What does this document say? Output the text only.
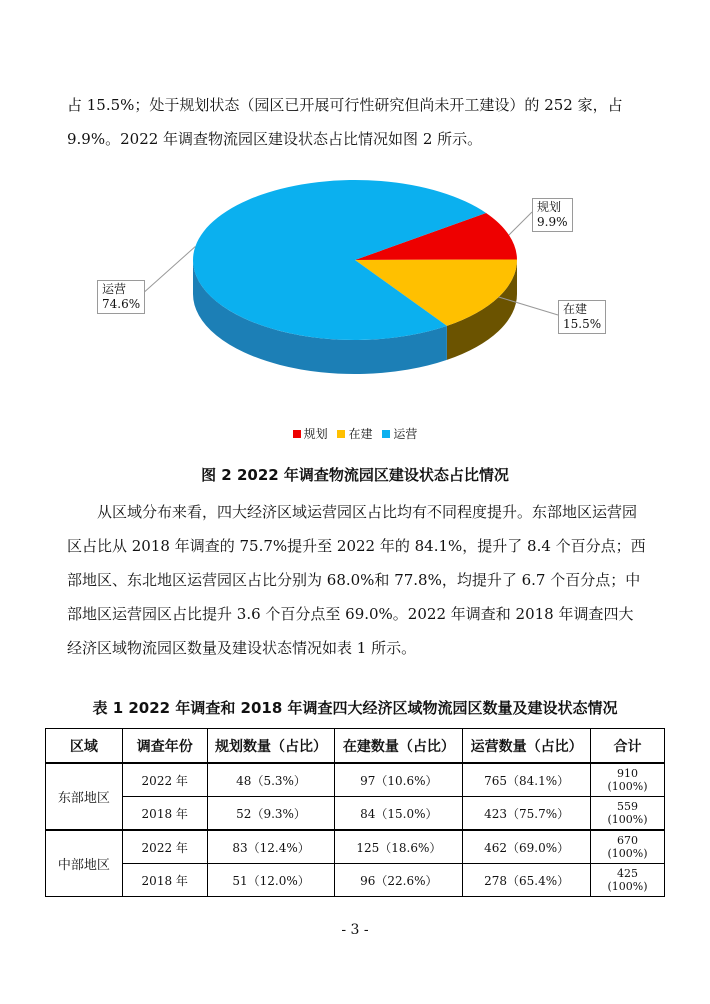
占 15.5%；处于规划状态（园区已开展可行性研究但尚未开工建设）的 252 家，占 9.9%。2022 年调查物流园区建设状态占比情况如图 2 所示。

规划
9.9%
在建
15.5%
运营
74.6%
规划 在建 运营
图 2 2022 年调查物流园区建设状态占比情况

从区域分布来看，四大经济区域运营园区占比均有不同程度提升。东部地区运营园区占比从 2018 年调查的 75.7%提升至 2022 年的 84.1%，提升了 8.4 个百分点；西部地区、东北地区运营园区占比分别为 68.0%和 77.8%，均提升了 6.7 个百分点；中部地区运营园区占比提升 3.6 个百分点至 69.0%。2022 年调查和 2018 年调查四大经济区域物流园区数量及建设状态情况如表 1 所示。

表 1 2022 年调查和 2018 年调查四大经济区域物流园区数量及建设状态情况
区域	调查年份	规划数量（占比）	在建数量（占比）	运营数量（占比）	合计
东部地区	2022 年	48（5.3%）	97（10.6%）	765（84.1%）	910
(100%)

	2018 年	52（9.3%）	84（15.0%）	423（75.7%）	559
(100%)

中部地区	2022 年	83（12.4%）	125（18.6%）	462（69.0%）	670
(100%)

	2018 年	51（12.0%）	96（22.6%）	278（65.4%）	425
(100%)
- 3 -
